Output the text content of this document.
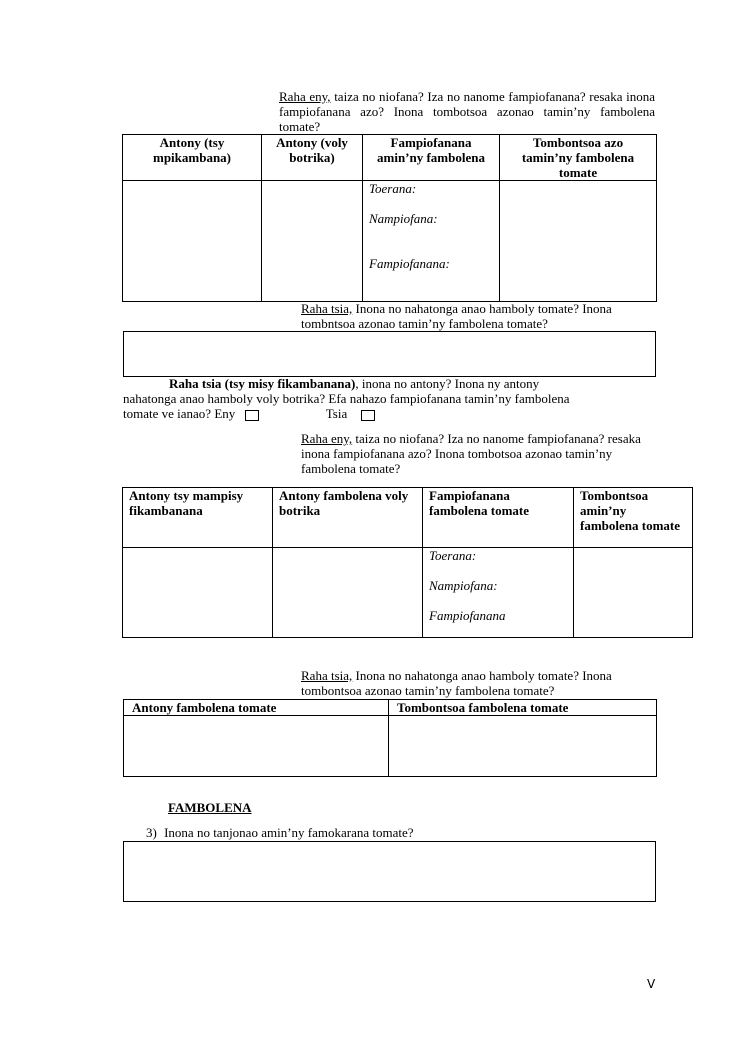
Raha eny, taiza no niofana? Iza no nanome fampiofanana? resaka inona fampiofanana azo? Inona tombotsoa azonao tamin’ny fambolena tomate?
Antony (tsy mpikambana)	Antony (voly botrika)	Fampiofanana amin’ny fambolena	Tombontsoa azo tamin’ny fambolena tomate

		Toerana:
Nampiofana:
Fampiofanana:	

Raha tsia, Inona no nahatonga anao hamboly tomate? Inona tombntsoa azonao tamin’ny fambolena tomate?
Raha tsia (tsy misy fikambanana), inona no antony? Inona ny antony
nahatonga anao hamboly voly botrika? Efa nahazo fampiofanana tamin’ny fambolena
tomate ve ianao? Eny	Tsia
Raha eny, taiza no niofana? Iza no nanome fampiofanana? resaka inona fampiofanana azo? Inona tombotsoa azonao tamin’ny fambolena tomate?
Antony tsy mampisy fikambanana	Antony fambolena voly botrika	Fampiofanana fambolena tomate	Tombontsoa amin’ny fambolena tomate

		Toerana:
Nampiofana:
Fampiofanana	

Raha tsia, Inona no nahatonga anao hamboly tomate? Inona tombontsoa azonao tamin’ny fambolena tomate?
Antony fambolena tomate	Tombontsoa fambolena tomate

FAMBOLENA
3) Inona no tanjonao amin’ny famokarana tomate?
V
